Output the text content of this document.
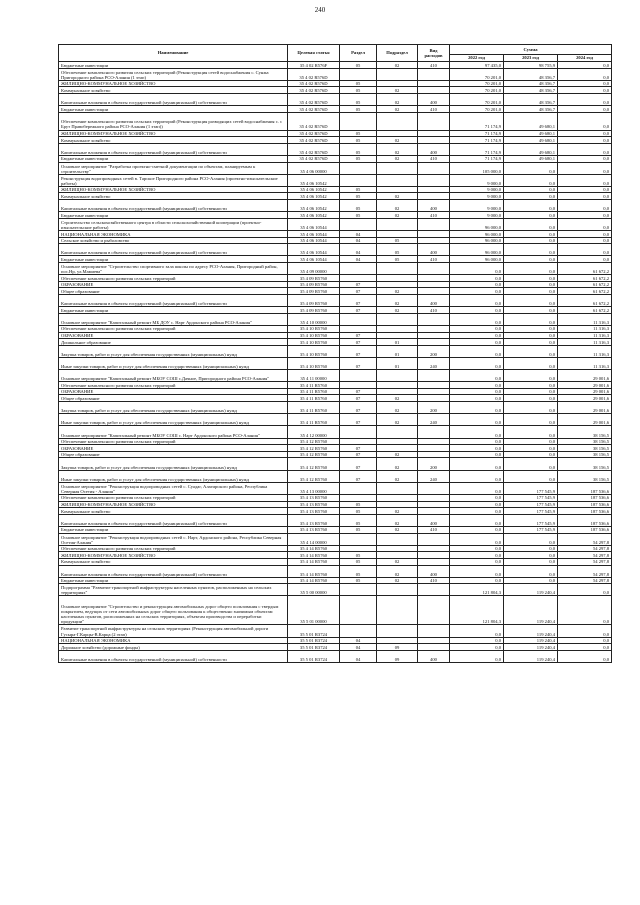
240
Наименование	Целевая статья	Раздел	Подраздел	Вид расходов	Сумма		
					2022 год	2023 год	2024 год
Бюджетные инвестиции	35 4 02 R576F	05	02	410	97 435,0	98 755,9	0,0
Обеспечение комплексного развития сельских территорий (Реконструкция сетей водоснабжения с. Сунжа Пригородного района РСО-Алания (1 этап)	35 4 02 R576D				70 201,0	48 356,7	0,0
ЖИЛИЩНО-КОММУНАЛЬНОЕ ХОЗЯЙСТВО	35 4 02 R576D	05			70 201,0	48 356,7	0,0
Коммунальное хозяйство	35 4 02 R576D	05	02		70 201,0	48 356,7	0,0
Капитальные вложения в объекты государственной (муниципальной) собственности	35 4 02 R576D	05	02	400	70 201,0	48 356,7	0,0
Бюджетные инвестиции	35 4 02 R576D	05	02	410	70 201,0	48 356,7	0,0
Обеспечение комплексного развития сельских территорий (Реконструкция разводящих сетей водоснабжения с. с Брут Правобережного района РСО-Алания (1 этап))	35 4 02 R576D				71 174,9	49 680,1	0,0
ЖИЛИЩНО-КОММУНАЛЬНОЕ ХОЗЯЙСТВО	35 4 02 R576D	05			71 174,9	49 680,1	0,0
Коммунальное хозяйство	35 4 02 R576D	05	02		71 174,9	49 680,1	0,0
Капитальные вложения в объекты государственной (муниципальной) собственности	35 4 02 R576D	05	02	400	71 174,9	49 680,1	0,0
Бюджетные инвестиции	35 4 02 R576D	05	02	410	71 174,9	49 680,1	0,0
Основное мероприятие "Разработка проектно-сметной документации по объектам, планируемым к строительству"	35 4 06 00000				105 000,0	0,0	0,0
Реконструкция водопроводных сетей в. Тарское Пригородного района РСО-Алания (проектно-изыскательские работы)	35 4 06 10542				9 000,0	0,0	0,0
ЖИЛИЩНО-КОММУНАЛЬНОЕ ХОЗЯЙСТВО	35 4 06 10542	05			9 000,0	0,0	0,0
Коммунальное хозяйство	35 4 06 10542	05	02		9 000,0	0,0	0,0
Капитальные вложения в объекты государственной (муниципальной) собственности	35 4 06 10542	05	02	400	9 000,0	0,0	0,0
Бюджетные инвестиции	35 4 06 10542	05	02	410	9 000,0	0,0	0,0
Строительство сельскохозяйственного центра в области сельскохозяйственной кооперации (проектно-изыскательские работы)	35 4 06 10544				96 000,0	0,0	0,0
НАЦИОНАЛЬНАЯ ЭКОНОМИКА	35 4 06 10544	04			96 000,0	0,0	0,0
Сельское хозяйство и рыболовство	35 4 06 10544	04	05		96 000,0	0,0	0,0
Капитальные вложения в объекты государственной (муниципальной) собственности	35 4 06 10544	04	05	400	96 000,0	0,0	0,0
Бюджетные инвестиции	35 4 06 10544	04	05	410	96 000,0	0,0	0,0
Основное мероприятие "Строительство спортивного зала школы по адресу РСО-Алания, Пригородный район, пос.Нр, ул.Мамиева"	35 4 09 00000				0,0	0,0	61 672,2
Обеспечение комплексного развития сельских территорий	35 4 09 R5760				0,0	0,0	61 672,2
ОБРАЗОВАНИЕ	35 4 09 R5760	07			0,0	0,0	61 672,2
Общее образование	35 4 09 R5760	07	02		0,0	0,0	61 672,2
Капитальные вложения в объекты государственной (муниципальной) собственности	35 4 09 R5760	07	02	400	0,0	0,0	61 672,2
Бюджетные инвестиции	35 4 09 R5760	07	02	410	0,0	0,0	61 672,2
Основное мероприятие "Капитальный ремонт МБ ДОУ с. Нарт Ардонского района РСО-Алания"	35 4 10 00000				0,0	0,0	11 316,3
Обеспечение комплексного развития сельских территорий	35 4 10 R5760				0,0	0,0	11 316,3
ОБРАЗОВАНИЕ	35 4 10 R5760	07			0,0	0,0	11 316,3
Дошкольное образование	35 4 10 R5760	07	01		0,0	0,0	11 316,3
Закупка товаров, работ и услуг для обеспечения государственных (муниципальных) нужд	35 4 10 R5760	07	01	200	0,0	0,0	11 316,3
Иные закупки товаров, работ и услуг для обеспечения государственных (муниципальных) нужд	35 4 10 R5760	07	01	240	0,0	0,0	11 316,3
Основное мероприятие "Капитальный ремонт МБОУ СОШ с.Дачное, Пригородного района РСО-Алания"	35 4 11 00000				0,0	0,0	29 001,6
Обеспечение комплексного развития сельских территорий	35 4 11 R5760				0,0	0,0	29 001,6
ОБРАЗОВАНИЕ	35 4 11 R5760	07			0,0	0,0	29 001,6
Общее образование	35 4 11 R5760	07	02		0,0	0,0	29 001,6
Закупка товаров, работ и услуг для обеспечения государственных (муниципальных) нужд	35 4 11 R5760	07	02	200	0,0	0,0	29 001,6
Иные закупки товаров, работ и услуг для обеспечения государственных (муниципальных) нужд	35 4 11 R5760	07	02	240	0,0	0,0	29 001,6
Основное мероприятие "Капитальный ремонт МБОУ СОШ с. Нарт Ардонского района РСО-Алания"	35 4 12 00000				0,0	0,0	38 156,5
Обеспечение комплексного развития сельских территорий	35 4 12 R5760				0,0	0,0	38 156,5
ОБРАЗОВАНИЕ	35 4 12 R5760	07			0,0	0,0	38 156,5
Общее образование	35 4 12 R5760	07	02		0,0	0,0	38 156,5
Закупка товаров, работ и услуг для обеспечения государственных (муниципальных) нужд	35 4 12 R5760	07	02	200	0,0	0,0	38 156,5
Иные закупки товаров, работ и услуг для обеспечения государственных (муниципальных) нужд	35 4 12 R5760	07	02	240	0,0	0,0	38 156,5
Основное мероприятие "Реконструкция водопроводных сетей с. Суадаг, Алагирского района, Республика Северная Осетия - Алания"	35 4 13 00000				0,0	177 545,9	187 536,6
Обеспечение комплексного развития сельских территорий	35 4 13 R5760				0,0	177 545,9	187 536,6
ЖИЛИЩНО-КОММУНАЛЬНОЕ ХОЗЯЙСТВО	35 4 13 R5760	05			0,0	177 545,9	187 536,6
Коммунальное хозяйство	35 4 13 R5760	05	02		0,0	177 545,9	187 536,6
Капитальные вложения в объекты государственной (муниципальной) собственности	35 4 13 R5760	05	02	400	0,0	177 545,9	187 536,6
Бюджетные инвестиции	35 4 13 R5760	05	02	410	0,0	177 545,9	187 536,6
Основное мероприятие "Реконструкция водопроводных сетей с. Нарт, Ардонского района, Республика Северная Осетия-Алания"	35 4 14 00000				0,0	0,0	54 297,8
Обеспечение комплексного развития сельских территорий	35 4 14 R5760				0,0	0,0	54 297,8
ЖИЛИЩНО-КОММУНАЛЬНОЕ ХОЗЯЙСТВО	35 4 14 R5760	05			0,0	0,0	54 297,8
Коммунальное хозяйство	35 4 14 R5760	05	02		0,0	0,0	54 297,8
Капитальные вложения в объекты государственной (муниципальной) собственности	35 4 14 R5760	05	02	400	0,0	0,0	54 297,8
Бюджетные инвестиции	35 4 14 R5760	05	02	410	0,0	0,0	54 297,8
Подпрограмма "Развитие транспортной инфраструктуры населенных пунктов, расположенных на сельских территориях"	35 5 00 00000				121 804,3	119 240,4	0,0
Основное мероприятие "Строительство и реконструкция автомобильных дорог общего пользования с твердым покрытием, ведущих от сети автомобильных дорог общего пользования к общественно значимым объектам населенных пунктов, расположенных на сельских территориях, объектам производства и переработки продукции"	35 5 01 00000				121 804,3	119 240,4	0,0
Развитие транспортной инфраструктуры на сельских территориях (Реконструкция автомобильной дороги Гусыра-Г.Карцы-В.Карца (2 этап)	35 5 01 R3724				0,0	119 240,4	0,0
НАЦИОНАЛЬНАЯ ЭКОНОМИКА	35 5 01 R3724	04			0,0	119 240,4	0,0
Дорожное хозяйство (дорожные фонды)	35 5 01 R3724	04	09		0,0	119 240,4	0,0
Капитальные вложения в объекты государственной (муниципальной) собственности	35 5 01 R3724	04	09	400	0,0	119 240,4	0,0
